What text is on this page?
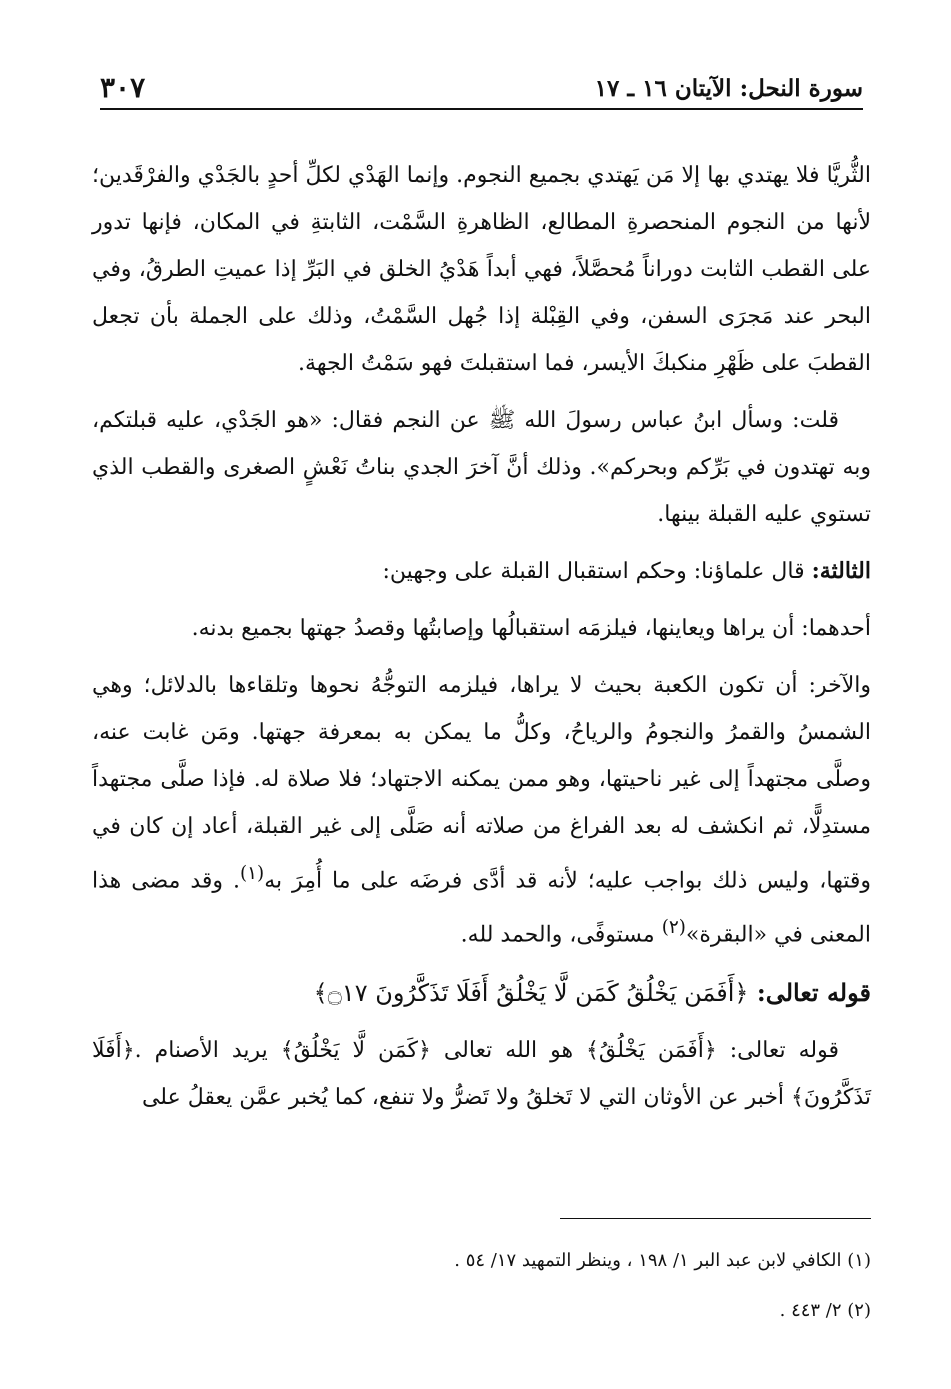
سورة النحل: الآيتان ١٦ ـ ١٧
٣٠٧

الثُّريَّا فلا يهتدي بها إلا مَن يَهتدي بجميع النجوم. وإنما الهَدْي لكلِّ أحدٍ بالجَدْي والفرْقَدين؛ لأنها من النجوم المنحصرةِ المطالع، الظاهرةِ السَّمْت، الثابتةِ في المكان، فإنها تدور على القطب الثابت دوراناً مُحصَّلاً، فهي أبداً هَدْيُ الخلق في البَرِّ إذا عميتِ الطرقُ، وفي البحر عند مَجرَى السفن، وفي القِبْلة إذا جُهل السَّمْتُ، وذلك على الجملة بأن تجعل القطبَ على ظَهْرِ منكبكَ الأيسر، فما استقبلتَ فهو سَمْتُ الجهة.

قلت: وسأل ابنُ عباس رسولَ الله ﷺ عن النجم فقال: «هو الجَدْي، عليه قبلتكم، وبه تهتدون في بَرِّكم وبحركم». وذلك أنَّ آخرَ الجدي بناتُ نَعْشٍ الصغرى والقطب الذي تستوي عليه القبلة بينها.

الثالثة: قال علماؤنا: وحكم استقبال القبلة على وجهين:

أحدهما: أن يراها ويعاينها، فيلزمَه استقبالُها وإصابتُها وقصدُ جهتها بجميع بدنه.

والآخر: أن تكون الكعبة بحيث لا يراها، فيلزمه التوجُّهُ نحوها وتلقاءها بالدلائل؛ وهي الشمسُ والقمرُ والنجومُ والرياحُ، وكلُّ ما يمكن به بمعرفة جهتها. ومَن غابت عنه، وصلَّى مجتهداً إلى غير ناحيتها، وهو ممن يمكنه الاجتهاد؛ فلا صلاة له. فإذا صلَّى مجتهداً مستدِلًّا، ثم انكشف له بعد الفراغ من صلاته أنه صَلَّى إلى غير القبلة، أعاد إن كان في وقتها، وليس ذلك بواجب عليه؛ لأنه قد أدَّى فرضَه على ما أُمِرَ به$^{(١)}$. وقد مضى هذا المعنى في «البقرة»$^{(٢)}$ مستوفًى، والحمد لله.

قوله تعالى: ﴿أَفَمَن يَخْلُقُ كَمَن لَّا يَخْلُقُ أَفَلَا تَذَكَّرُونَ ۝١٧﴾

قوله تعالى: ﴿أَفَمَن يَخْلُقُ﴾ هو الله تعالى ﴿كَمَن لَّا يَخْلُقُ﴾ يريد الأصنام .﴿أَفَلَا تَذَكَّرُونَ﴾ أخبر عن الأوثان التي لا تَخلقُ ولا تَضرُّ ولا تنفع، كما يُخبر عمَّن يعقلُ على

(١) الكافي لابن عبد البر ١/ ١٩٨ ، وينظر التمهيد ١٧/ ٥٤ .

(٢) ٢/ ٤٤٣ .
